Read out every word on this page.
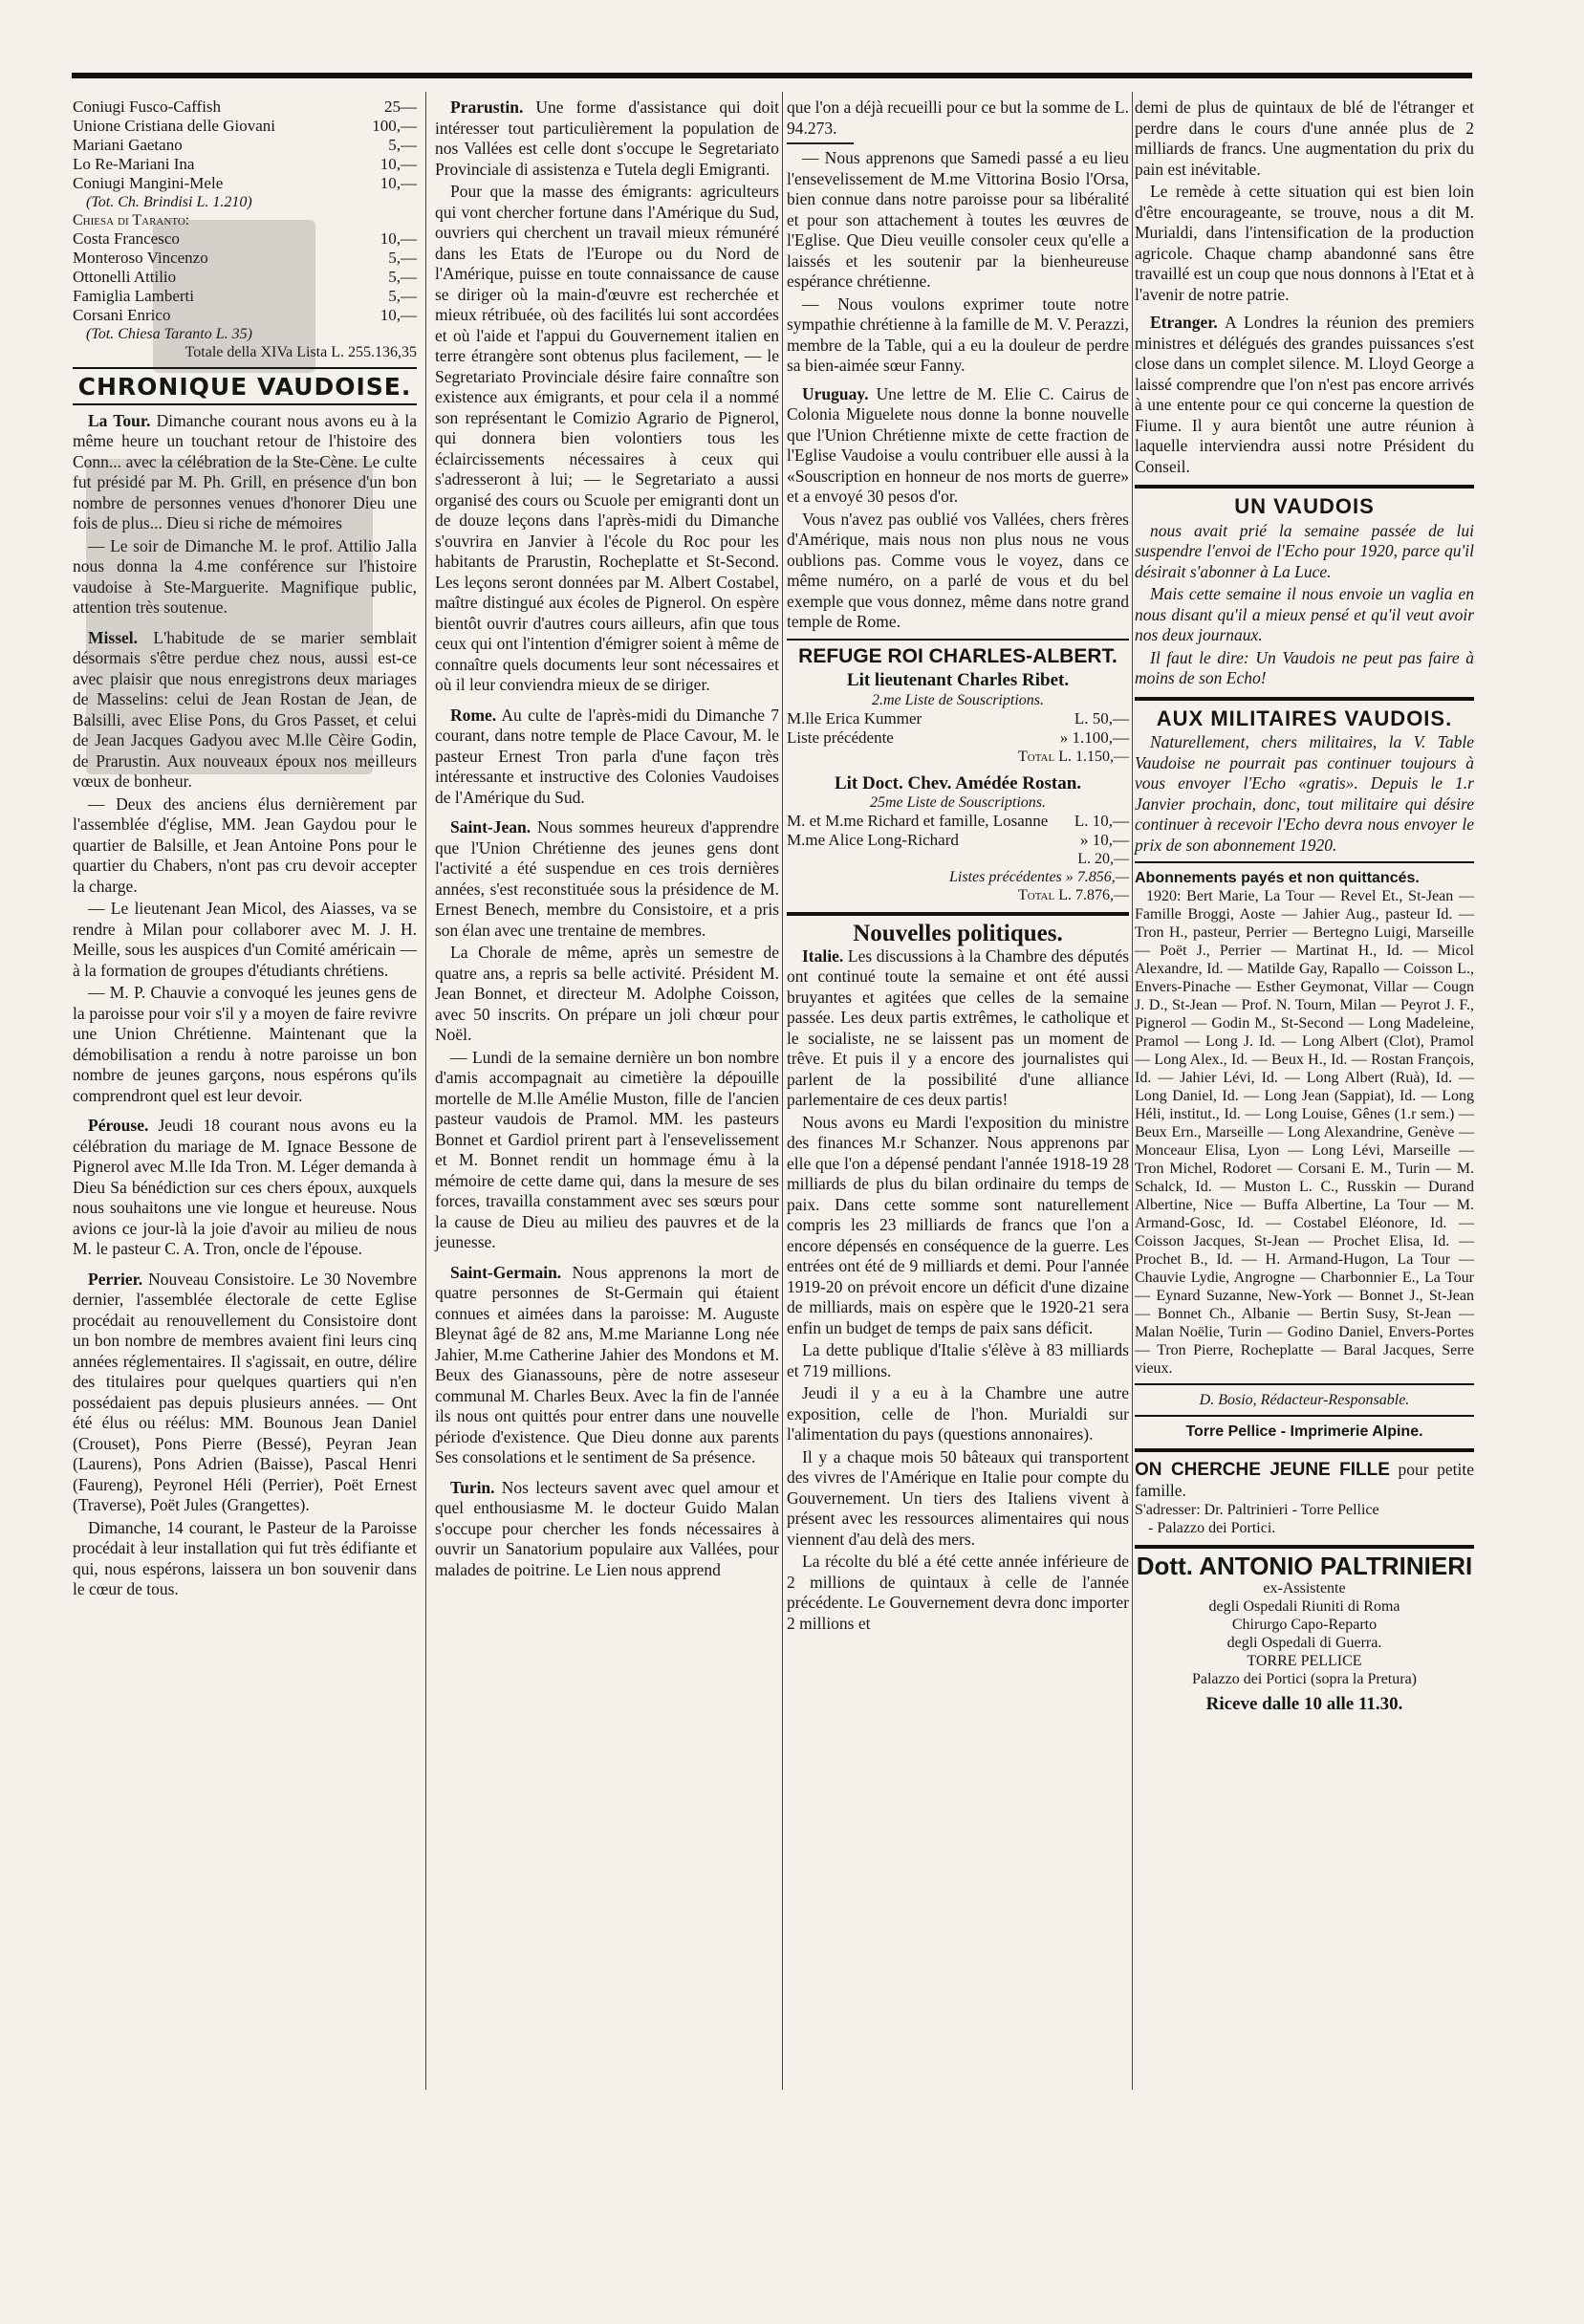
Coniugi Fusco-Caffish	25—
Unione Cristiana delle Giovani	100,—
Mariani Gaetano	5,—
Lo Re-Mariani Ina	10,—
Coniugi Mangini-Mele	10,—
(Tot. Ch. Brindisi L. 1.210)
Chiesa di Taranto:
Costa Francesco	10,—
Monteroso Vincenzo	5,—
Ottonelli Attilio	5,—
Famiglia Lamberti	5,—
Corsani Enrico	10,—
(Tot. Chiesa Taranto L. 35)
Totale della XIVa Lista L. 255.136,35
CHRONIQUE VAUDOISE.

La Tour. Dimanche courant nous avons eu à la même heure un touchant retour de l'histoire des Conn... avec la célébration de la Ste-Cène. Le culte fut présidé par M. Ph. Grill, en présence d'un bon nombre de personnes venues d'honorer Dieu une fois de plus... Dieu si riche de mémoires

— Le soir de Dimanche M. le prof. Attilio Jalla nous donna la 4.me conférence sur l'histoire vaudoise à Ste-Marguerite. Magnifique public, attention très soutenue.

Missel. L'habitude de se marier semblait désormais s'être perdue chez nous, aussi est-ce avec plaisir que nous enregistrons deux mariages de Masselins: celui de Jean Rostan de Jean, de Balsilli, avec Elise Pons, du Gros Passet, et celui de Jean Jacques Gadyou avec M.lle Cèire Godin, de Prarustin. Aux nouveaux époux nos meilleurs vœux de bonheur.

— Deux des anciens élus dernièrement par l'assemblée d'église, MM. Jean Gaydou pour le quartier de Balsille, et Jean Antoine Pons pour le quartier du Chabers, n'ont pas cru devoir accepter la charge.

— Le lieutenant Jean Micol, des Aiasses, va se rendre à Milan pour collaborer avec M. J. H. Meille, sous les auspices d'un Comité américain — à la formation de groupes d'étudiants chrétiens.

— M. P. Chauvie a convoqué les jeunes gens de la paroisse pour voir s'il y a moyen de faire revivre une Union Chrétienne. Maintenant que la démobilisation a rendu à notre paroisse un bon nombre de jeunes garçons, nous espérons qu'ils comprendront quel est leur devoir.

Pérouse. Jeudi 18 courant nous avons eu la célébration du mariage de M. Ignace Bessone de Pignerol avec M.lle Ida Tron. M. Léger demanda à Dieu Sa bénédiction sur ces chers époux, auxquels nous souhaitons une vie longue et heureuse. Nous avions ce jour-là la joie d'avoir au milieu de nous M. le pasteur C. A. Tron, oncle de l'épouse.

Perrier. Nouveau Consistoire. Le 30 Novembre dernier, l'assemblée électorale de cette Eglise procédait au renouvellement du Consistoire dont un bon nombre de membres avaient fini leurs cinq années réglementaires. Il s'agissait, en outre, délire des titulaires pour quelques quartiers qui n'en possédaient pas depuis plusieurs années. — Ont été élus ou réélus: MM. Bounous Jean Daniel (Crouset), Pons Pierre (Bessé), Peyran Jean (Laurens), Pons Adrien (Baisse), Pascal Henri (Faureng), Peyronel Héli (Perrier), Poët Ernest (Traverse), Poët Jules (Grangettes).

Dimanche, 14 courant, le Pasteur de la Paroisse procédait à leur installation qui fut très édifiante et qui, nous espérons, laissera un bon souvenir dans le cœur de tous.

Prarustin. Une forme d'assistance qui doit intéresser tout particulièrement la population de nos Vallées est celle dont s'occupe le Segretariato Provinciale di assistenza e Tutela degli Emigranti.

Pour que la masse des émigrants: agriculteurs qui vont chercher fortune dans l'Amérique du Sud, ouvriers qui cherchent un travail mieux rémunéré dans les Etats de l'Europe ou du Nord de l'Amérique, puisse en toute connaissance de cause se diriger où la main-d'œuvre est recherchée et mieux rétribuée, où des facilités lui sont accordées et où l'aide et l'appui du Gouvernement italien en terre étrangère sont obtenus plus facilement, — le Segretariato Provinciale désire faire connaître son existence aux émigrants, et pour cela il a nommé son représentant le Comizio Agrario de Pignerol, qui donnera bien volontiers tous les éclaircissements nécessaires à ceux qui s'adresseront à lui; — le Segretariato a aussi organisé des cours ou Scuole per emigranti dont un de douze leçons dans l'après-midi du Dimanche s'ouvrira en Janvier à l'école du Roc pour les habitants de Prarustin, Rocheplatte et St-Second. Les leçons seront données par M. Albert Costabel, maître distingué aux écoles de Pignerol. On espère bientôt ouvrir d'autres cours ailleurs, afin que tous ceux qui ont l'intention d'émigrer soient à même de connaître quels documents leur sont nécessaires et où il leur conviendra mieux de se diriger.

Rome. Au culte de l'après-midi du Dimanche 7 courant, dans notre temple de Place Cavour, M. le pasteur Ernest Tron parla d'une façon très intéressante et instructive des Colonies Vaudoises de l'Amérique du Sud.

Saint-Jean. Nous sommes heureux d'apprendre que l'Union Chrétienne des jeunes gens dont l'activité a été suspendue en ces trois dernières années, s'est reconstituée sous la présidence de M. Ernest Benech, membre du Consistoire, et a pris son élan avec une trentaine de membres.

La Chorale de même, après un semestre de quatre ans, a repris sa belle activité. Président M. Jean Bonnet, et directeur M. Adolphe Coisson, avec 50 inscrits. On prépare un joli chœur pour Noël.

— Lundi de la semaine dernière un bon nombre d'amis accompagnait au cimetière la dépouille mortelle de M.lle Amélie Muston, fille de l'ancien pasteur vaudois de Pramol. MM. les pasteurs Bonnet et Gardiol prirent part à l'ensevelissement et M. Bonnet rendit un hommage ému à la mémoire de cette dame qui, dans la mesure de ses forces, travailla constamment avec ses sœurs pour la cause de Dieu au milieu des pauvres et de la jeunesse.

Saint-Germain. Nous apprenons la mort de quatre personnes de St-Germain qui étaient connues et aimées dans la paroisse: M. Auguste Bleynat âgé de 82 ans, M.me Marianne Long née Jahier, M.me Catherine Jahier des Mondons et M. Beux des Gianassouns, père de notre asseseur communal M. Charles Beux. Avec la fin de l'année ils nous ont quittés pour entrer dans une nouvelle période d'existence. Que Dieu donne aux parents Ses consolations et le sentiment de Sa présence.

Turin. Nos lecteurs savent avec quel amour et quel enthousiasme M. le docteur Guido Malan s'occupe pour chercher les fonds nécessaires à ouvrir un Sanatorium populaire aux Vallées, pour malades de poitrine. Le Lien nous apprend

que l'on a déjà recueilli pour ce but la somme de L. 94.273.

— Nous apprenons que Samedi passé a eu lieu l'ensevelissement de M.me Vittorina Bosio l'Orsa, bien connue dans notre paroisse pour sa libéralité et pour son attachement à toutes les œuvres de l'Eglise. Que Dieu veuille consoler ceux qu'elle a laissés et les soutenir par la bienheureuse espérance chrétienne.

— Nous voulons exprimer toute notre sympathie chrétienne à la famille de M. V. Perazzi, membre de la Table, qui a eu la douleur de perdre sa bien-aimée sœur Fanny.

Uruguay. Une lettre de M. Elie C. Cairus de Colonia Miguelete nous donne la bonne nouvelle que l'Union Chrétienne mixte de cette fraction de l'Eglise Vaudoise a voulu contribuer elle aussi à la «Souscription en honneur de nos morts de guerre» et a envoyé 30 pesos d'or.

Vous n'avez pas oublié vos Vallées, chers frères d'Amérique, mais nous non plus nous ne vous oublions pas. Comme vous le voyez, dans ce même numéro, on a parlé de vous et du bel exemple que vous donnez, même dans notre grand temple de Rome.

REFUGE ROI CHARLES-ALBERT.
Lit lieutenant Charles Ribet.
2.me Liste de Souscriptions.
M.lle Erica Kummer	L. 50,—
Liste précédente	» 1.100,—
Total L. 1.150,—
Lit Doct. Chev. Amédée Rostan.
25me Liste de Souscriptions.
M. et M.me Richard et famille, Losanne L. 10,—
M.me Alice Long-Richard	» 10,—
L. 20,—
Listes précédentes » 7.856,—
Total L. 7.876,—
Nouvelles politiques.

Italie. Les discussions à la Chambre des députés ont continué toute la semaine et ont été aussi bruyantes et agitées que celles de la semaine passée. Les deux partis extrêmes, le catholique et le socialiste, ne se laissent pas un moment de trêve. Et puis il y a encore des journalistes qui parlent de la possibilité d'une alliance parlementaire de ces deux partis!

Nous avons eu Mardi l'exposition du ministre des finances M.r Schanzer. Nous apprenons par elle que l'on a dépensé pendant l'année 1918-19 28 milliards de plus du bilan ordinaire du temps de paix. Dans cette somme sont naturellement compris les 23 milliards de francs que l'on a encore dépensés en conséquence de la guerre. Les entrées ont été de 9 milliards et demi. Pour l'année 1919-20 on prévoit encore un déficit d'une dizaine de milliards, mais on espère que le 1920-21 sera enfin un budget de temps de paix sans déficit.

La dette publique d'Italie s'élève à 83 milliards et 719 millions.

Jeudi il y a eu à la Chambre une autre exposition, celle de l'hon. Murialdi sur l'alimentation du pays (questions annonaires).

Il y a chaque mois 50 bâteaux qui transportent des vivres de l'Amérique en Italie pour compte du Gouvernement. Un tiers des Italiens vivent à présent avec les ressources alimentaires qui nous viennent d'au delà des mers.

La récolte du blé a été cette année inférieure de 2 millions de quintaux à celle de l'année précédente. Le Gouvernement devra donc importer 2 millions et

demi de plus de quintaux de blé de l'étranger et perdre dans le cours d'une année plus de 2 milliards de francs. Une augmentation du prix du pain est inévitable.

Le remède à cette situation qui est bien loin d'être encourageante, se trouve, nous a dit M. Murialdi, dans l'intensification de la production agricole. Chaque champ abandonné sans être travaillé est un coup que nous donnons à l'Etat et à l'avenir de notre patrie.

Etranger. A Londres la réunion des premiers ministres et délégués des grandes puissances s'est close dans un complet silence. M. Lloyd George a laissé comprendre que l'on n'est pas encore arrivés à une entente pour ce qui concerne la question de Fiume. Il y aura bientôt une autre réunion à laquelle interviendra aussi notre Président du Conseil.

UN VAUDOIS

nous avait prié la semaine passée de lui suspendre l'envoi de l'Echo pour 1920, parce qu'il désirait s'abonner à La Luce.

Mais cette semaine il nous envoie un vaglia en nous disant qu'il a mieux pensé et qu'il veut avoir nos deux journaux.

Il faut le dire: Un Vaudois ne peut pas faire à moins de son Echo!

AUX MILITAIRES VAUDOIS.

Naturellement, chers militaires, la V. Table Vaudoise ne pourrait pas continuer toujours à vous envoyer l'Echo «gratis». Depuis le 1.r Janvier prochain, donc, tout militaire qui désire continuer à recevoir l'Echo devra nous envoyer le prix de son abonnement 1920.

Abonnements payés et non quittancés.

1920: Bert Marie, La Tour — Revel Et., St-Jean — Famille Broggi, Aoste — Jahier Aug., pasteur Id. — Tron H., pasteur, Perrier — Bertegno Luigi, Marseille — Poët J., Perrier — Martinat H., Id. — Micol Alexandre, Id. — Matilde Gay, Rapallo — Coisson L., Envers-Pinache — Esther Geymonat, Villar — Cougn J. D., St-Jean — Prof. N. Tourn, Milan — Peyrot J. F., Pignerol — Godin M., St-Second — Long Madeleine, Pramol — Long J. Id. — Long Albert (Clot), Pramol — Long Alex., Id. — Beux H., Id. — Rostan François, Id. — Jahier Lévi, Id. — Long Albert (Ruà), Id. — Long Daniel, Id. — Long Jean (Sappiat), Id. — Long Héli, institut., Id. — Long Louise, Gênes (1.r sem.) — Beux Ern., Marseille — Long Alexandrine, Genève — Monceaur Elisa, Lyon — Long Lévi, Marseille — Tron Michel, Rodoret — Corsani E. M., Turin — M. Schalck, Id. — Muston L. C., Russkin — Durand Albertine, Nice — Buffa Albertine, La Tour — M. Armand-Gosc, Id. — Costabel Eléonore, Id. — Coisson Jacques, St-Jean — Prochet Elisa, Id. — Prochet B., Id. — H. Armand-Hugon, La Tour — Chauvie Lydie, Angrogne — Charbonnier E., La Tour — Eynard Suzanne, New-York — Bonnet J., St-Jean — Bonnet Ch., Albanie — Bertin Susy, St-Jean — Malan Noëlie, Turin — Godino Daniel, Envers-Portes — Tron Pierre, Rocheplatte — Baral Jacques, Serre vieux.

D. Bosio, Rédacteur-Responsable.
Torre Pellice - Imprimerie Alpine.
ON CHERCHE JEUNE FILLE pour petite famille.
S'adresser: Dr. Paltrinieri - Torre Pellice
- Palazzo dei Portici.
Dott. ANTONIO PALTRINIERI
ex-Assistente
degli Ospedali Riuniti di Roma
Chirurgo Capo-Reparto
degli Ospedali di Guerra.
TORRE PELLICE
Palazzo dei Portici (sopra la Pretura)
Riceve dalle 10 alle 11.30.
